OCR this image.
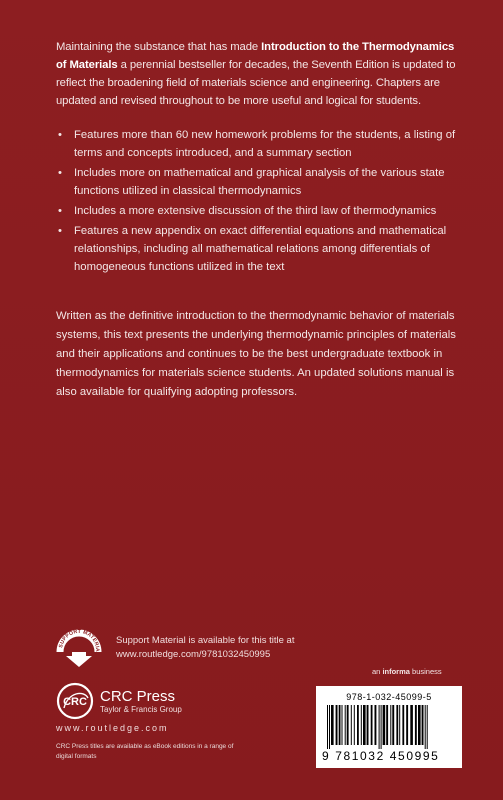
Maintaining the substance that has made Introduction to the Thermodynamics of Materials a perennial bestseller for decades, the Seventh Edition is updated to reflect the broadening field of materials science and engineering. Chapters are updated and revised throughout to be more useful and logical for students.

• Features more than 60 new homework problems for the students, a listing of terms and concepts introduced, and a summary section
• Includes more on mathematical and graphical analysis of the various state functions utilized in classical thermodynamics
• Includes a more extensive discussion of the third law of thermodynamics
• Features a new appendix on exact differential equations and mathematical relationships, including all mathematical relations among differentials of homogeneous functions utilized in the text

Written as the definitive introduction to the thermodynamic behavior of materials systems, this text presents the underlying thermodynamic principles of materials and their applications and continues to be the best undergraduate textbook in thermodynamics for materials science students. An updated solutions manual is also available for qualifying adopting professors.

SUPPORT MATERIA
Support Material is available for this title at
www.routledge.com/9781032450995
an informa business
978-1-032-45099-5
9 781032 450995
CRC CRC Press
Taylor & Francis Group
www.routledge.com
CRC Press titles are available as eBook editions in a range of digital formats
